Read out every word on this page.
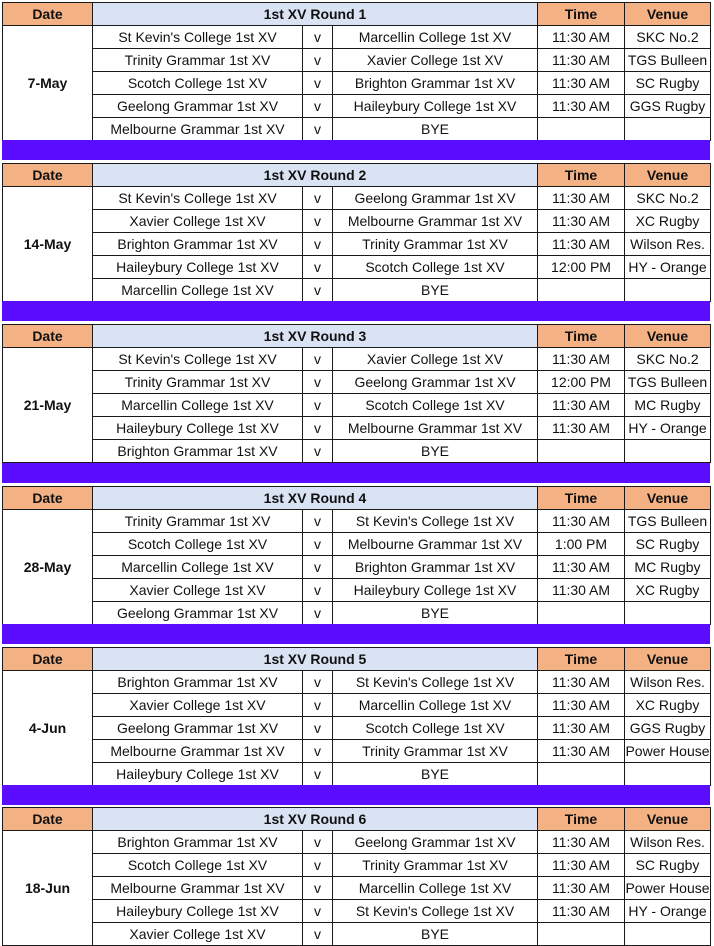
Date	1st XV Round 1			Time	Venue
7-May	St Kevin's College 1st XV	v	Marcellin College 1st XV	11:30 AM	SKC No.2
	Trinity Grammar 1st XV	v	Xavier College 1st XV	11:30 AM	TGS Bulleen
	Scotch College 1st XV	v	Brighton Grammar 1st XV	11:30 AM	SC Rugby
	Geelong Grammar 1st XV	v	Haileybury College 1st XV	11:30 AM	GGS Rugby
	Melbourne Grammar 1st XV	v	BYE		
Date	1st XV Round 2			Time	Venue
14-May	St Kevin's College 1st XV	v	Geelong Grammar 1st XV	11:30 AM	SKC No.2
	Xavier College 1st XV	v	Melbourne Grammar 1st XV	11:30 AM	XC Rugby
	Brighton Grammar 1st XV	v	Trinity Grammar 1st XV	11:30 AM	Wilson Res.
	Haileybury College 1st XV	v	Scotch College 1st XV	12:00 PM	HY - Orange
	Marcellin College 1st XV	v	BYE		
Date	1st XV Round 3			Time	Venue
21-May	St Kevin's College 1st XV	v	Xavier College 1st XV	11:30 AM	SKC No.2
	Trinity Grammar 1st XV	v	Geelong Grammar 1st XV	12:00 PM	TGS Bulleen
	Marcellin College 1st XV	v	Scotch College 1st XV	11:30 AM	MC Rugby
	Haileybury College 1st XV	v	Melbourne Grammar 1st XV	11:30 AM	HY - Orange
	Brighton Grammar 1st XV	v	BYE		
Date	1st XV Round 4			Time	Venue
28-May	Trinity Grammar 1st XV	v	St Kevin's College 1st XV	11:30 AM	TGS Bulleen
	Scotch College 1st XV	v	Melbourne Grammar 1st XV	1:00 PM	SC Rugby
	Marcellin College 1st XV	v	Brighton Grammar 1st XV	11:30 AM	MC Rugby
	Xavier College 1st XV	v	Haileybury College 1st XV	11:30 AM	XC Rugby
	Geelong Grammar 1st XV	v	BYE		
Date	1st XV Round 5			Time	Venue
4-Jun	Brighton Grammar 1st XV	v	St Kevin's College 1st XV	11:30 AM	Wilson Res.
	Xavier College 1st XV	v	Marcellin College 1st XV	11:30 AM	XC Rugby
	Geelong Grammar 1st XV	v	Scotch College 1st XV	11:30 AM	GGS Rugby
	Melbourne Grammar 1st XV	v	Trinity Grammar 1st XV	11:30 AM	Power House
	Haileybury College 1st XV	v	BYE		
Date	1st XV Round 6			Time	Venue
18-Jun	Brighton Grammar 1st XV	v	Geelong Grammar 1st XV	11:30 AM	Wilson Res.
	Scotch College 1st XV	v	Trinity Grammar 1st XV	11:30 AM	SC Rugby
	Melbourne Grammar 1st XV	v	Marcellin College 1st XV	11:30 AM	Power House
	Haileybury College 1st XV	v	St Kevin's College 1st XV	11:30 AM	HY - Orange
	Xavier College 1st XV	v	BYE		
